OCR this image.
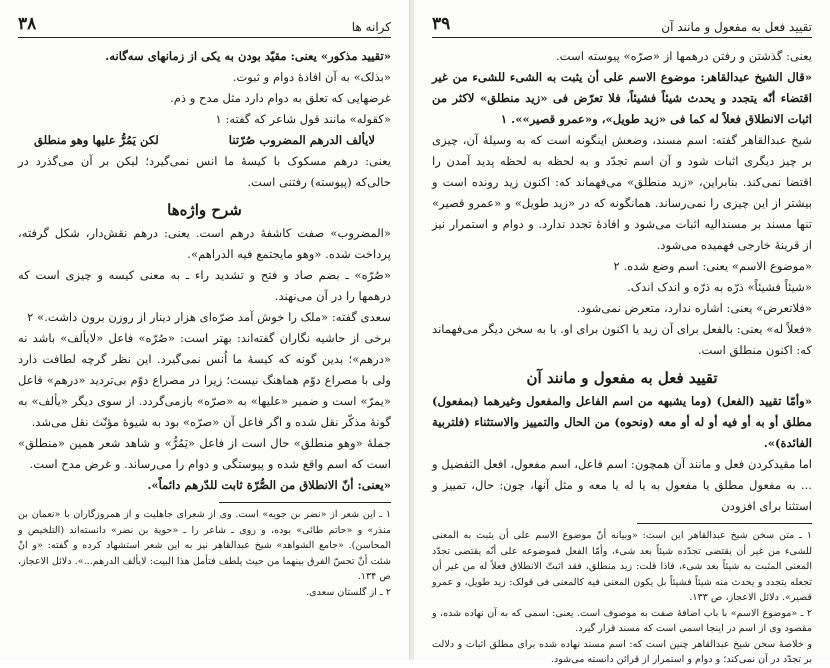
کرانه ها
۳۸

«تقیید مذکور» یعنی: مقیّد بودن به یکی از زمانهای سه‌گانه.

«بذلک» به آن افادهٔ دوام و ثبوت.

غرضهایی که تعلق به دوام دارد مثل مدح و ذم.

«کقوله» مانند قول شاعر که گفته: ۱

لایألف الدرهم المضروب صُرّتنا
لکن یَمُرُّ علیها وهو منطلق

یعنی: درهم مسکوک با کیسهٔ ما انس نمی‌گیرد؛ لیکن بر آن می‌گذرد در حالی‌که (پیوسته) رفتنی است.

شرح واژه‌ها

«المضروب» صفت کاشفهٔ درهم است. یعنی: درهم نقش‌دار، شکل گرفته، پرداخت شده. «وهو مایجتمع فیه الدراهم».

«صُرّه» ـ بضم صاد و فتح و تشدید راء ـ به معنی کیسه و چیزی است که درهمها را در آن می‌نهند.

سعدی گفته: «ملک را خوش آمد صرّه‌ای هزار دینار از روزن برون داشت.» ۲

برخی از حاشیه نگاران گفته‌اند: بهتر است: «صُرّه» فاعل «لایألف» باشد نه «درهم»؛ بدین گونه که کیسهٔ ما اُنس نمی‌گیرد. این نظر گرچه لطافت دارد ولی با مصراع دوّم هماهنگ نیست؛ زیرا در مصراع دوّم بی‌تردید «درهم» فاعل «یمرّ» است و ضمیر «علیها» به «صرّه» بازمی‌گردد. از سوی دیگر «یألف» به گونهٔ مذکّر نقل شده و اگر فاعل آن «صرّه» بود به شیوهٔ مؤنّث نقل می‌شد.

جملهٔ «وهو منطلق» حال است از فاعل «یَمُرُّ» و شاهد شعر همین «منطلق» است که اسم واقع شده و پیوستگی و دوام را می‌رساند. و غرض مدح است.

«یعنی: أنّ الانطلاق من الصُّرّة ثابت للدّرهم دائماً».

۱ ـ این شعر از «نضر بن جویه» است. وی از شعرای جاهلیت و از همروزگاران با «نعمان بن منذر» و «حاتم طائی» بوده، و روی ـ شاعر را ـ «حویة بن نضر» دانسته‌اند (التلخیص و المحاسن). «جامع الشواهد» شیخ عبدالقاهر نیز به این شعر استشهاد کرده و گفته: «و انْ شئت أنْ تحسّ الفرق بینهما من حیث یلطف فتأمل هذا البیت: لایألف الدرهم...». دلائل الاعجاز، ص ۱۳۴.

۲ ـ از گلستان سعدی.

تقیید فعل به مفعول و مانند آن
۳۹

یعنی: گذشتن و رفتن درهمها از «صرّه» پیوسته است.

«قال الشیخ عبدالقاهر: موضوع الاسم علی أن یثبت به الشیء للشیء من غیر اقتضاء أنّه یتجدد و یحدث شیئاً فشیئاً، فلا تعرّض فی «زید منطلق» لاکثر من اثبات الانطلاق فعلاً له کما فی «زید طویل»، و«عمرو قصیر»». ۱

شیخ عبدالقاهر گفته: اسم مسند، وضعش اینگونه است که به وسیلهٔ آن، چیزی بر چیز دیگری اثبات شود و آن اسم تجدّد و به لحظه به لحظه پدید آمدن را اقتضا نمی‌کند. بنابراین، «زید منطلق» می‌فهماند که: اکنون زید رونده است و بیشتر از این چیزی را نمی‌رساند. همانگونه که در «زید طویل» و «عمرو قصیر» تنها مسند بر مسندالیه اثبات می‌شود و افادهٔ تجدد ندارد. و دوام و استمرار نیز از قرینهٔ خارجی فهمیده می‌شود.

«موضوع الاسم» یعنی: اسم وضع شده. ۲

«شیئاً فشیئاً» ذرّه به ذرّه و اندک اندک.

«فلاتعرض» یعنی: اشاره ندارد، متعرض نمی‌شود.

«فعلاً له» یعنی: بالفعل برای آن زید یا اکنون برای او. یا به سخن دیگر می‌فهماند که: اکنون منطلق است.

تقیید فعل به مفعول و مانند آن

«وأمّا تقیید (الفعل) (وما یشبهه من اسم الفاعل والمفعول وغیرهما (بمفعول) مطلق أو به أو فیه أو له أو معه (ونحوه) من الحال والتمییز والاستثناء (فلتربیة الفائدة)».

اما مقیدکردن فعل و مانند آن همچون: اسم فاعل، اسم مفعول، افعل التفضیل و ... به مفعول مطلق یا مفعول به یا له یا معه و مثل آنها، چون: حال، تمییز و استثنا برای افزودن

۱ ـ متن سخن شیخ عبدالقاهر این است: «وبیانه أنّ موضوع الاسم علی أن یثبت به المعنی للشیء من غیر أن یقتضی تجدّده شیئاً بعد شیء، وأمّا الفعل فموضوعه علی أنّه یقتضی تجدّد المعنی المثبت به شیئاً بعد شیء، فاذا قلت: زید منطلق، فقد اثبتّ الانطلاق فعلاً له من غیر أن تجعله یتجدد و یحدث منه شیئاً فشیئاً بل یکون المعنی فیه کالمعنی فی قولک: زید طویل، و عمرو قصیر». دلائل الاعجاز، ص ۱۳۳.

۲ ـ «موضوع الاسم» با باب اضافهٔ صفت به موصوف است. یعنی: اسمی که به آن نهاده شده، و مقصود وی از اسم در اینجا اسمی است که مسند قرار گیرد.

و خلاصهٔ سخن شیخ عبدالقاهر چنین است که: اسم مسند نهاده شده برای مطلق اثبات و دلالت بر تجدّد در آن نمی‌کند؛ و دوام و استمرار از قرائن دانسته می‌شود.
